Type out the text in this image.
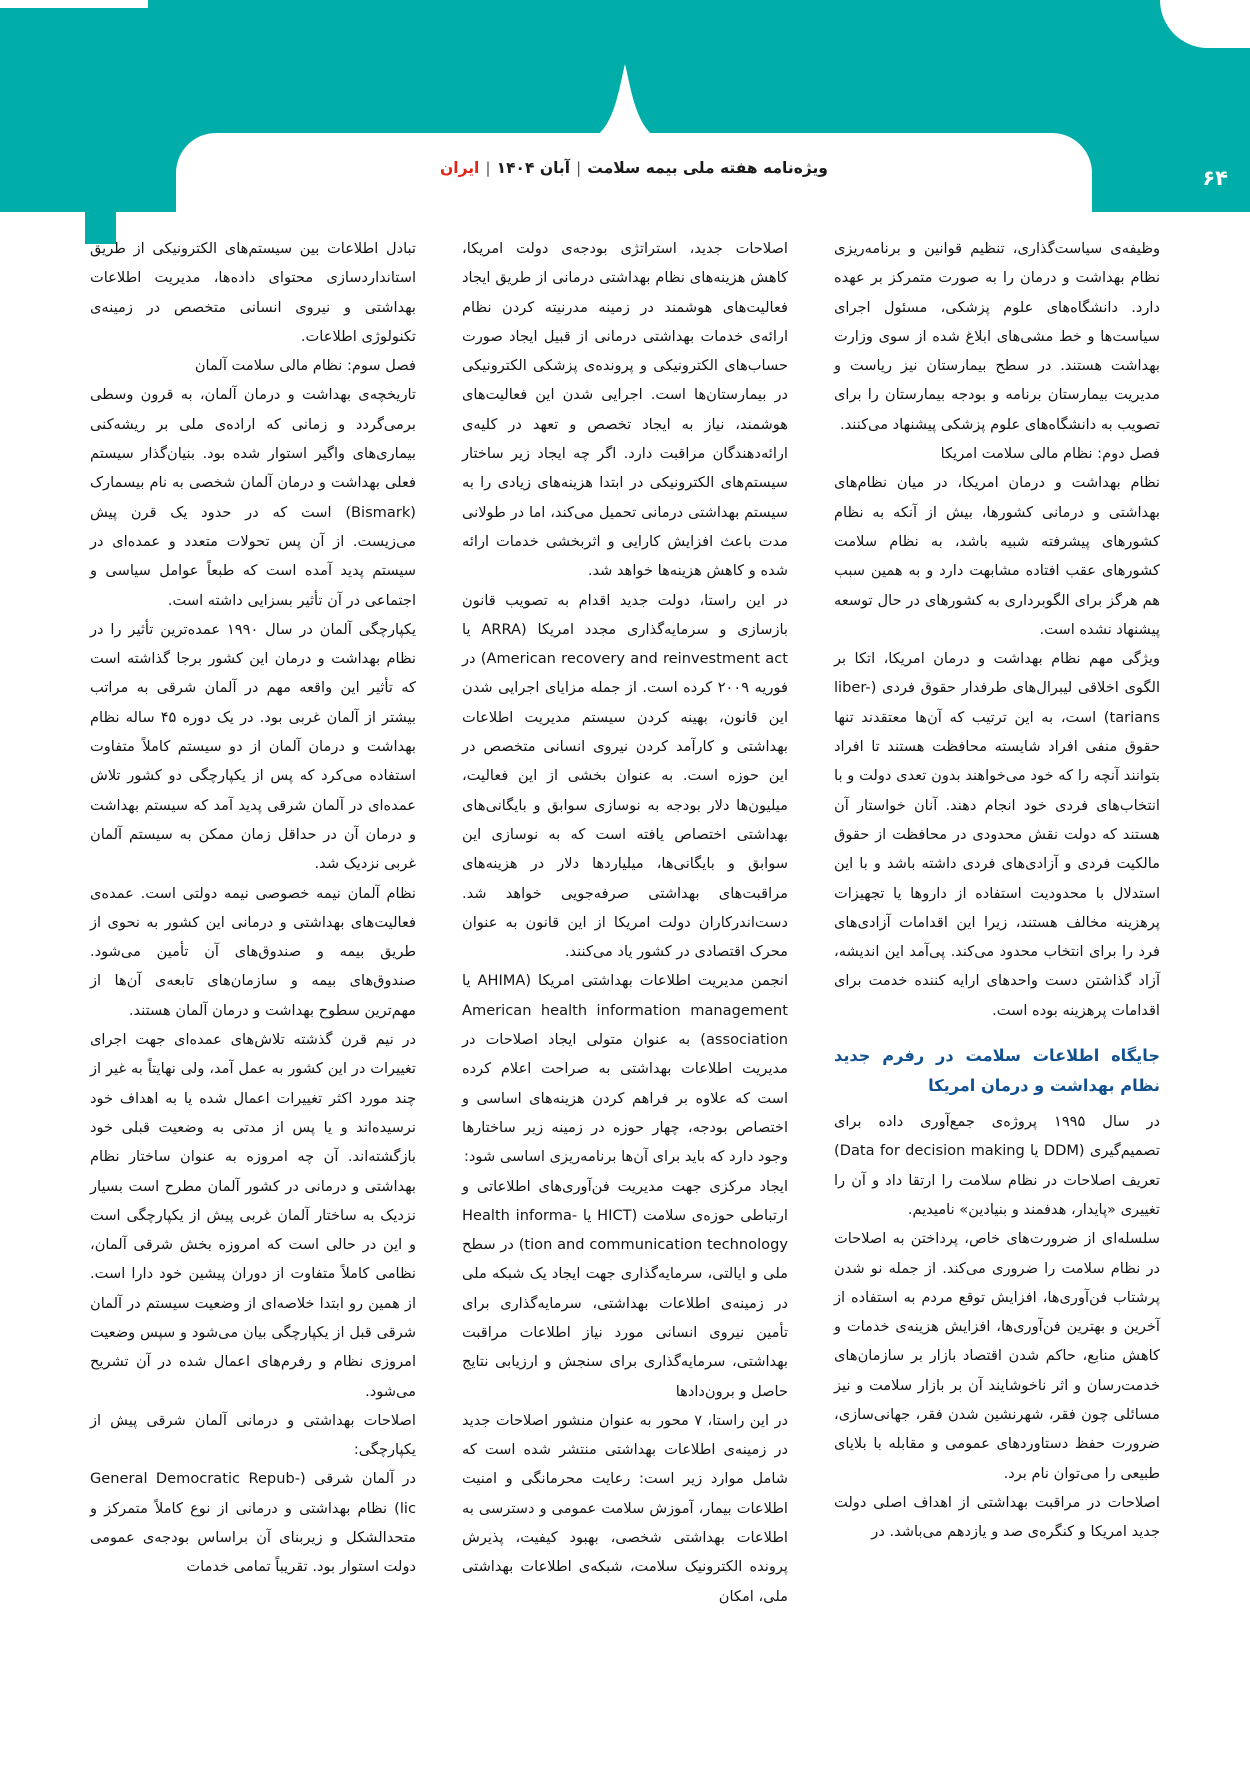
ویژه‌نامه هفته ملی بیمه سلامت|آبان ۱۴۰۴|ایران	۶۴

وظیفه‌ی سیاست‌گذاری، تنظیم قوانین و برنامه‌ریزی نظام بهداشت و درمان را به صورت متمرکز بر عهده دارد. دانشگاه‌های علوم پزشکی، مسئول اجرای سیاست‌ها و خط مشی‌های ابلاغ شده از سوی وزارت بهداشت هستند. در سطح بیمارستان نیز ریاست و مدیریت بیمارستان برنامه و بودجه بیمارستان را برای تصویب به دانشگاه‌های علوم پزشکی پیشنهاد می‌کنند.

فصل دوم: نظام مالی سلامت امریکا

نظام بهداشت و درمان امریکا، در میان نظام‌های بهداشتی و درمانی کشورها، بیش از آنکه به نظام کشورهای پیشرفته شبیه باشد، به نظام سلامت کشورهای عقب افتاده مشابهت دارد و به همین سبب هم هرگز برای الگوبرداری به کشورهای در حال توسعه پیشنهاد نشده است.

ویژگی مهم نظام بهداشت و درمان امریکا، اتکا بر الگوی اخلاقی لیبرال‌های طرفدار حقوق فردی (liber-tarians) است، به این ترتیب که آن‌ها معتقدند تنها حقوق منفی افراد شایسته محافظت هستند تا افراد بتوانند آنچه را که خود می‌خواهند بدون تعدی دولت و با انتخاب‌های فردی خود انجام دهند. آنان خواستار آن هستند که دولت نقش محدودی در محافظت از حقوق مالکیت فردی و آزادی‌های فردی داشته باشد و با این استدلال با محدودیت استفاده از داروها یا تجهیزات پرهزینه مخالف هستند، زیرا این اقدامات آزادی‌های فرد را برای انتخاب محدود می‌کند. پی‌آمد این اندیشه، آزاد گذاشتن دست واحدهای ارایه کننده خدمت برای اقدامات پرهزینه بوده است.

جایگاه اطلاعات سلامت در رفرم جدید نظام بهداشت و درمان امریکا

در سال ۱۹۹۵ پروژه‌ی جمع‌آوری داده برای تصمیم‌گیری (DDM یا Data for decision making) تعریف اصلاحات در نظام سلامت را ارتقا داد و آن را تغییری «پایدار، هدفمند و بنیادین» نامیدیم.

سلسله‌ای از ضرورت‌های خاص، پرداختن به اصلاحات در نظام سلامت را ضروری می‌کند. از جمله نو شدن پرشتاب فن‌آوری‌ها، افزایش توقع مردم به استفاده از آخرین و بهترین فن‌آوری‌ها، افزایش هزینه‌ی خدمات و کاهش منابع، حاکم شدن اقتصاد بازار بر سازمان‌های خدمت‌رسان و اثر ناخوشایند آن بر بازار سلامت و نیز مسائلی چون فقر، شهرنشین شدن فقر، جهانی‌سازی، ضرورت حفظ دستاوردهای عمومی و مقابله با بلایای طبیعی را می‌توان نام برد.

اصلاحات در مراقبت بهداشتی از اهداف اصلی دولت جدید امریکا و کنگره‌ی صد و یازدهم می‌باشد. در

اصلاحات جدید، استراتژی بودجه‌ی دولت امریکا، کاهش هزینه‌های نظام بهداشتی درمانی از طریق ایجاد فعالیت‌های هوشمند در زمینه مدرنیته کردن نظام ارائه‌ی خدمات بهداشتی درمانی از قبیل ایجاد صورت حساب‌های الکترونیکی و پرونده‌ی پزشکی الکترونیکی در بیمارستان‌ها است. اجرایی شدن این فعالیت‌های هوشمند، نیاز به ایجاد تخصص و تعهد در کلیه‌ی ارائه‌دهندگان مراقبت دارد. اگر چه ایجاد زیر ساختار سیستم‌های الکترونیکی در ابتدا هزینه‌های زیادی را به سیستم بهداشتی درمانی تحمیل می‌کند، اما در طولانی مدت باعث افزایش کارایی و اثربخشی خدمات ارائه شده و کاهش هزینه‌ها خواهد شد.

در این راستا، دولت جدید اقدام به تصویب قانون بازسازی و سرمایه‌گذاری مجدد امریکا (ARRA یا American recovery and reinvestment act) در فوریه ۲۰۰۹ کرده است. از جمله مزایای اجرایی شدن این قانون، بهینه کردن سیستم مدیریت اطلاعات بهداشتی و کارآمد کردن نیروی انسانی متخصص در این حوزه است. به عنوان بخشی از این فعالیت، میلیون‌ها دلار بودجه به نوسازی سوابق و بایگانی‌های بهداشتی اختصاص یافته است که به نوسازی این سوابق و بایگانی‌ها، میلیارد‌ها دلار در هزینه‌های مراقبت‌های بهداشتی صرفه‌جویی خواهد شد. دست‌اندرکاران دولت امریکا از این قانون به عنوان محرک اقتصادی در کشور یاد می‌کنند.

انجمن مدیریت اطلاعات بهداشتی امریکا (AHIMA یا American health information management association) به عنوان متولی ایجاد اصلاحات در مدیریت اطلاعات بهداشتی به صراحت اعلام کرده است که علاوه بر فراهم کردن هزینه‌های اساسی و اختصاص بودجه، چهار حوزه در زمینه زیر ساختارها وجود دارد که باید برای آن‌ها برنامه‌ریزی اساسی شود:

ایجاد مرکزی جهت مدیریت فن‌آوری‌های اطلاعاتی و ارتباطی حوزه‌ی سلامت (HICT یا Health informa-tion and communication technology) در سطح ملی و ایالتی، سرمایه‌گذاری جهت ایجاد یک شبکه ملی در زمینه‌ی اطلاعات بهداشتی، سرمایه‌گذاری برای تأمین نیروی انسانی مورد نیاز اطلاعات مراقبت بهداشتی، سرمایه‌گذاری برای سنجش و ارزیابی نتایج حاصل و برون‌دادها

در این راستا، ۷ محور به عنوان منشور اصلاحات جدید در زمینه‌ی اطلاعات بهداشتی منتشر شده است که شامل موارد زیر است: رعایت محرمانگی و امنیت اطلاعات بیمار، آموزش سلامت عمومی و دسترسی به اطلاعات بهداشتی شخصی، بهبود کیفیت، پذیرش پرونده الکترونیک سلامت، شبکه‌ی اطلاعات بهداشتی ملی، امکان

تبادل اطلاعات بین سیستم‌های الکترونیکی از طریق استانداردسازی محتوای داده‌ها، مدیریت اطلاعات بهداشتی و نیروی انسانی متخصص در زمینه‌ی تکنولوژی اطلاعات.

فصل سوم: نظام مالی سلامت آلمان

تاریخچه‌ی بهداشت و درمان آلمان، به قرون وسطی برمی‌گردد و زمانی که اراده‌ی ملی بر ریشه‌کنی بیماری‌های واگیر استوار شده بود. بنیان‌گذار سیستم فعلی بهداشت و درمان آلمان شخصی به نام بیسمارک (Bismark) است که در حدود یک قرن پیش می‌زیست. از آن پس تحولات متعدد و عمده‌ای در سیستم پدید آمده است که طبعاً عوامل سیاسی و اجتماعی در آن تأثیر بسزایی داشته است.

یکپارچگی آلمان در سال ۱۹۹۰ عمده‌ترین تأثیر را در نظام بهداشت و درمان این کشور برجا گذاشته است که تأثیر این واقعه مهم در آلمان شرقی به مراتب بیشتر از آلمان غربی بود. در یک دوره ۴۵ ساله نظام بهداشت و درمان آلمان از دو سیستم کاملاً متفاوت استفاده می‌کرد که پس از یکپارچگی دو کشور تلاش عمده‌ای در آلمان شرقی پدید آمد که سیستم بهداشت و درمان آن در حداقل زمان ممکن به سیستم آلمان غربی نزدیک شد.

نظام آلمان نیمه خصوصی نیمه دولتی است. عمده‌ی فعالیت‌های بهداشتی و درمانی این کشور به نحوی از طریق بیمه و صندوق‌های آن تأمین می‌شود. صندوق‌های بیمه و سازمان‌های تابعه‌ی آن‌ها از مهم‌ترین سطوح بهداشت و درمان آلمان هستند.

در نیم قرن گذشته تلاش‌های عمده‌ای جهت اجرای تغییرات در این کشور به عمل آمد، ولی نهایتاً به غیر از چند مورد اکثر تغییرات اعمال شده یا به اهداف خود نرسیده‌اند و یا پس از مدتی به وضعیت قبلی خود بازگشته‌اند. آن چه امروزه به عنوان ساختار نظام بهداشتی و درمانی در کشور آلمان مطرح است بسیار نزدیک به ساختار آلمان غربی پیش از یکپارچگی است و این در حالی است که امروزه بخش شرقی آلمان، نظامی کاملاً متفاوت از دوران پیشین خود دارا است. از همین رو ابتدا خلاصه‌ای از وضعیت سیستم در آلمان شرقی قبل از یکپارچگی بیان می‌شود و سپس وضعیت امروزی نظام و رفرم‌های اعمال شده در آن تشریح می‌شود.

اصلاحات بهداشتی و درمانی آلمان شرقی پیش از یکپارچگی:

در آلمان شرقی (General Democratic Repub-lic) نظام بهداشتی و درمانی از نوع کاملاً متمرکز و متحدالشکل و زیربنای آن براساس بودجه‌ی عمومی دولت استوار بود. تقریباً تمامی خدمات
